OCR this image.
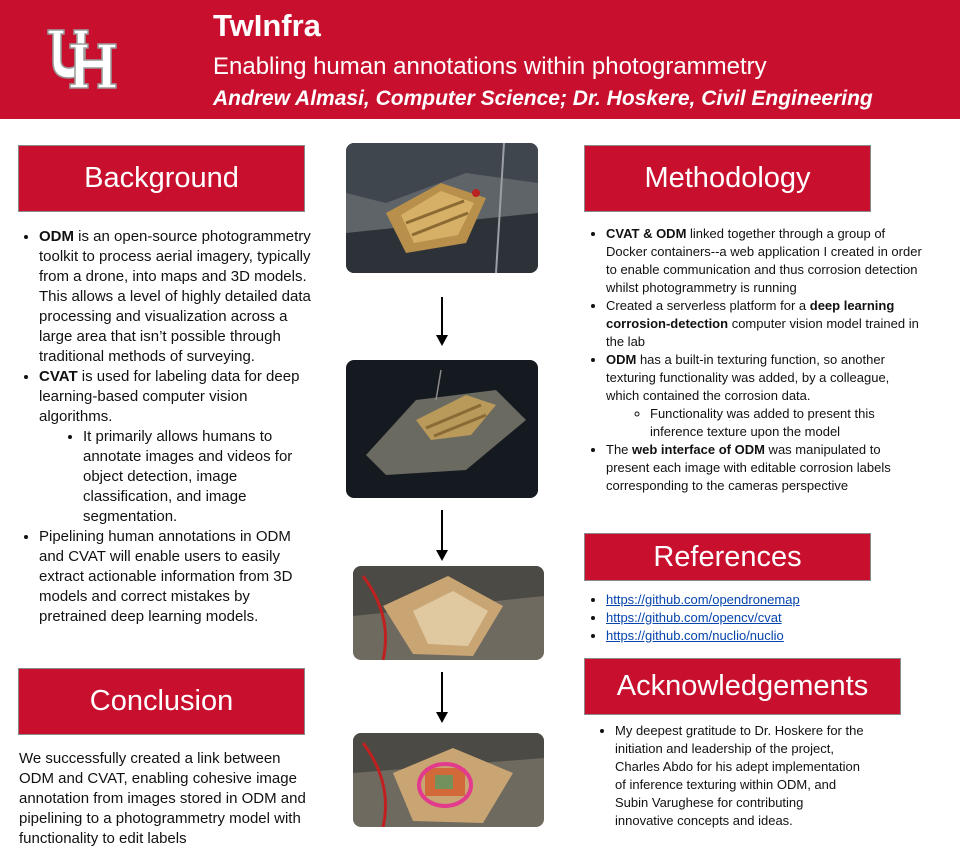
TwInfra
Enabling human annotations within photogrammetry
Andrew Almasi, Computer Science; Dr. Hoskere, Civil Engineering
Background
• ODM is an open-source photogrammetry toolkit to process aerial imagery, typically from a drone, into maps and 3D models. This allows a level of highly detailed data processing and visualization across a large area that isn’t possible through traditional methods of surveying.
• CVAT is used for labeling data for deep learning-based computer vision algorithms.
• It primarily allows humans to annotate images and videos for object detection, image classification, and image segmentation.
• Pipelining human annotations in ODM and CVAT will enable users to easily extract actionable information from 3D models and correct mistakes by pretrained deep learning models.
Conclusion
We successfully created a link between ODM and CVAT, enabling cohesive image annotation from images stored in ODM and pipelining to a photogrammetry model with functionality to edit labels
Methodology
• CVAT & ODM linked together through a group of Docker containers--a web application I created in order to enable communication and thus corrosion detection whilst photogrammetry is running
• Created a serverless platform for a deep learning corrosion-detection computer vision model trained in the lab
• ODM has a built-in texturing function, so another texturing functionality was added, by a colleague, which contained the corrosion data.
◦ Functionality was added to present this inference texture upon the model
• The web interface of ODM was manipulated to present each image with editable corrosion labels corresponding to the cameras perspective
References
• https://github.com/opendronemap
• https://github.com/opencv/cvat
• https://github.com/nuclio/nuclio
Acknowledgements
• My deepest gratitude to Dr. Hoskere for the initiation and leadership of the project, Charles Abdo for his adept implementation of inference texturing within ODM, and Subin Varughese for contributing innovative concepts and ideas.
